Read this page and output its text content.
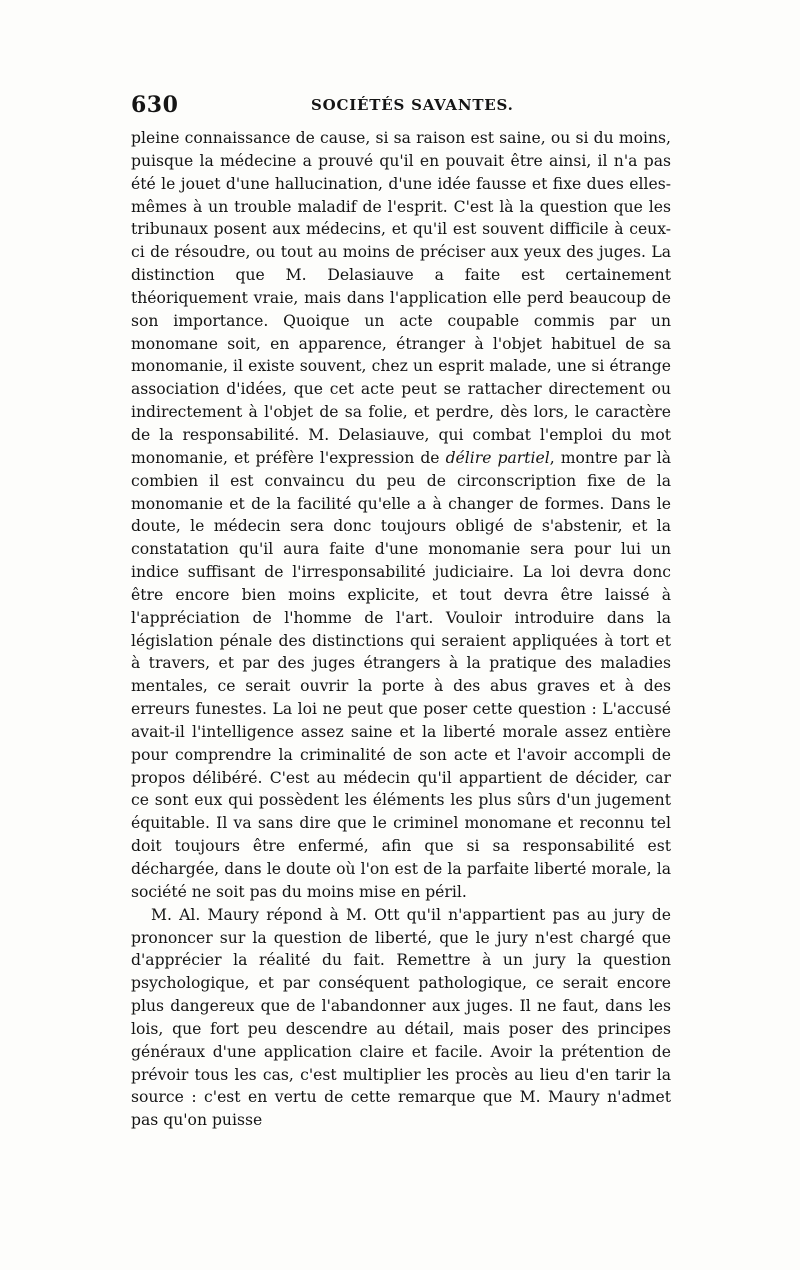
630	SOCIÉTÉS SAVANTES.

pleine connaissance de cause, si sa raison est saine, ou si du moins, puisque la médecine a prouvé qu'il en pouvait être ainsi, il n'a pas été le jouet d'une hallucination, d'une idée fausse et fixe dues elles-mêmes à un trouble maladif de l'esprit. C'est là la question que les tribunaux posent aux médecins, et qu'il est souvent difficile à ceux-ci de résoudre, ou tout au moins de préciser aux yeux des juges. La distinction que M. Delasiauve a faite est certainement théoriquement vraie, mais dans l'application elle perd beaucoup de son importance. Quoique un acte coupable commis par un monomane soit, en apparence, étranger à l'objet habituel de sa monomanie, il existe souvent, chez un esprit malade, une si étrange association d'idées, que cet acte peut se rattacher directement ou indirectement à l'objet de sa folie, et perdre, dès lors, le caractère de la responsabilité. M. Delasiauve, qui combat l'emploi du mot monomanie, et préfère l'expression de délire partiel, montre par là combien il est convaincu du peu de circonscription fixe de la monomanie et de la facilité qu'elle a à changer de formes. Dans le doute, le médecin sera donc toujours obligé de s'abstenir, et la constatation qu'il aura faite d'une monomanie sera pour lui un indice suffisant de l'irresponsabilité judiciaire. La loi devra donc être encore bien moins explicite, et tout devra être laissé à l'appréciation de l'homme de l'art. Vouloir introduire dans la législation pénale des distinctions qui seraient appliquées à tort et à travers, et par des juges étrangers à la pratique des maladies mentales, ce serait ouvrir la porte à des abus graves et à des erreurs funestes. La loi ne peut que poser cette question : L'accusé avait-il l'intelligence assez saine et la liberté morale assez entière pour comprendre la criminalité de son acte et l'avoir accompli de propos délibéré. C'est au médecin qu'il appartient de décider, car ce sont eux qui possèdent les éléments les plus sûrs d'un jugement équitable. Il va sans dire que le criminel monomane et reconnu tel doit toujours être enfermé, afin que si sa responsabilité est déchargée, dans le doute où l'on est de la parfaite liberté morale, la société ne soit pas du moins mise en péril.

M. Al. Maury répond à M. Ott qu'il n'appartient pas au jury de prononcer sur la question de liberté, que le jury n'est chargé que d'apprécier la réalité du fait. Remettre à un jury la question psychologique, et par conséquent pathologique, ce serait encore plus dangereux que de l'abandonner aux juges. Il ne faut, dans les lois, que fort peu descendre au détail, mais poser des principes généraux d'une application claire et facile. Avoir la prétention de prévoir tous les cas, c'est multiplier les procès au lieu d'en tarir la source : c'est en vertu de cette remarque que M. Maury n'admet pas qu'on puisse
